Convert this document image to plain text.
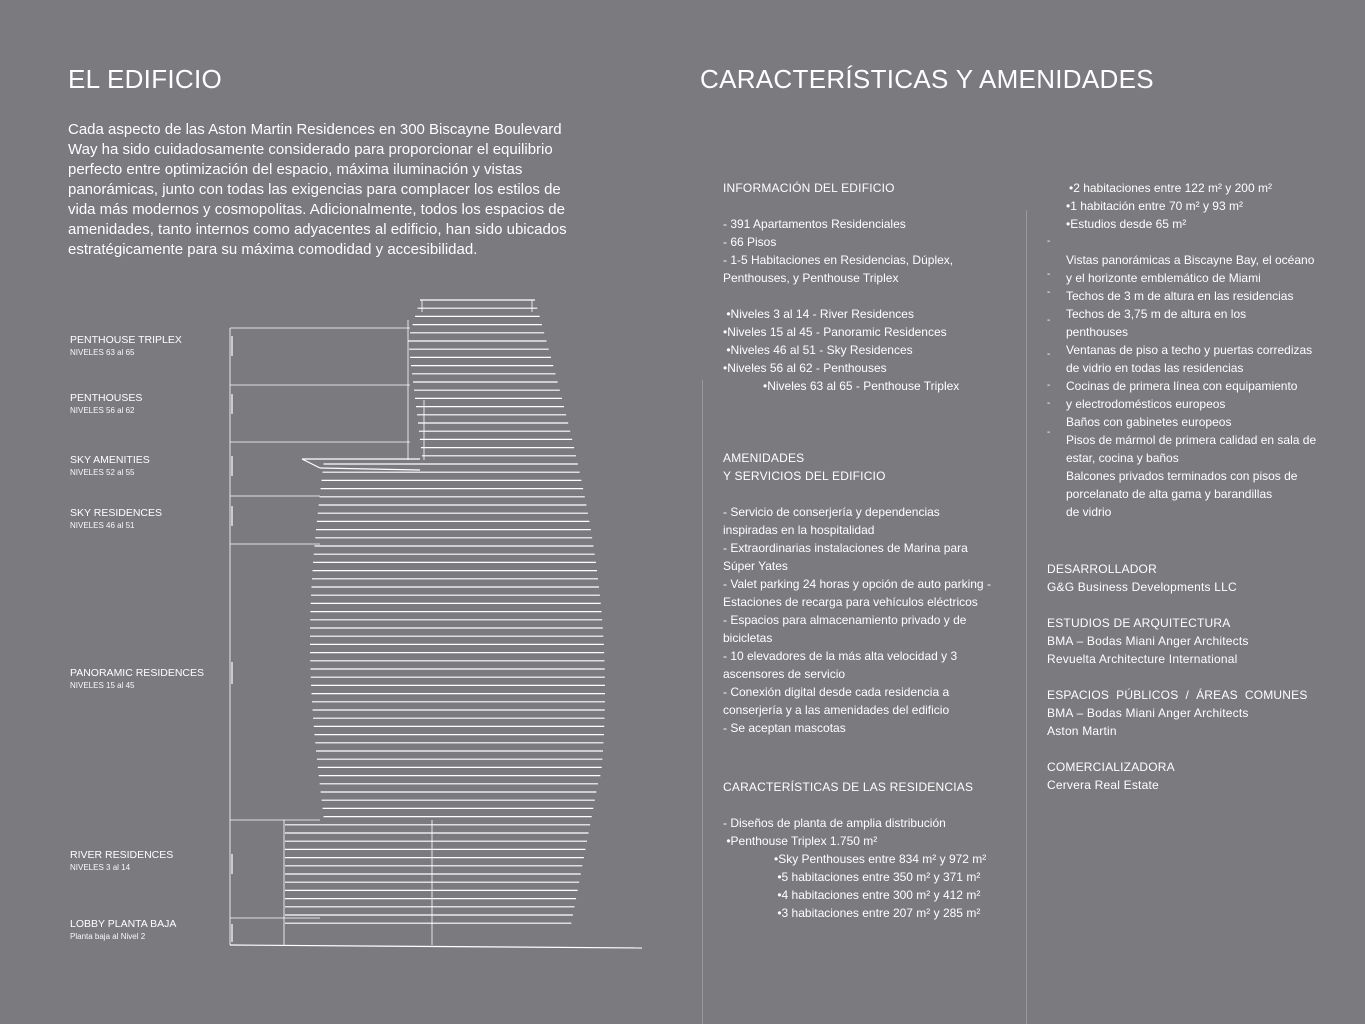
EL EDIFICIO

Cada aspecto de las Aston Martin Residences en 300 Biscayne Boulevard Way ha sido cuidadosamente considerado para proporcionar el equilibrio perfecto entre optimización del espacio, máxima iluminación y vistas panorámicas, junto con todas las exigencias para complacer los estilos de vida más modernos y cosmopolitas. Adicionalmente, todos los espacios de amenidades, tanto internos como adyacentes al edificio, han sido ubicados estratégicamente para su máxima comodidad y accesibilidad.

PENTHOUSE TRIPLEX
NIVELES 63 al 65
PENTHOUSES
NIVELES 56 al 62
SKY AMENITIES
NIVELES 52 al 55
SKY RESIDENCES
NIVELES 46 al 51
PANORAMIC RESIDENCES
NIVELES 15 al 45
RIVER RESIDENCES
NIVELES 3 al 14
LOBBY PLANTA BAJA
Planta baja al Nivel 2
CARACTERÍSTICAS Y AMENIDADES
INFORMACIÓN DEL EDIFICIO
- 391 Apartamentos Residenciales
- 66 Pisos
- 1-5 Habitaciones en Residencias, Dúplex,
Penthouses, y Penthouse Triplex
•Niveles 3 al 14 - River Residences
•Niveles 15 al 45 - Panoramic Residences
•Niveles 46 al 51 - Sky Residences
•Niveles 56 al 62 - Penthouses
•Niveles 63 al 65 - Penthouse Triplex
AMENIDADES
Y SERVICIOS DEL EDIFICIO
- Servicio de conserjería y dependencias
inspiradas en la hospitalidad
- Extraordinarias instalaciones de Marina para
Súper Yates
- Valet parking 24 horas y opción de auto parking -
Estaciones de recarga para vehículos eléctricos
- Espacios para almacenamiento privado y de
bicicletas
- 10 elevadores de la más alta velocidad y 3
ascensores de servicio
- Conexión digital desde cada residencia a
conserjería y a las amenidades del edificio
- Se aceptan mascotas
CARACTERÍSTICAS DE LAS RESIDENCIAS
- Diseños de planta de amplia distribución
•Penthouse Triplex 1.750 m²
•Sky Penthouses entre 834 m² y 972 m²
•5 habitaciones entre 350 m² y 371 m²
•4 habitaciones entre 300 m² y 412 m²
•3 habitaciones entre 207 m² y 285 m²
•2 habitaciones entre 122 m² y 200 m²
•1 habitación entre 70 m² y 93 m²
•Estudios desde 65 m²
-
-
-
-
-
-
-
-
Vistas panorámicas a Biscayne Bay, el océano
y el horizonte emblemático de Miami
Techos de 3 m de altura en las residencias
Techos de 3,75 m de altura en los
penthouses
Ventanas de piso a techo y puertas corredizas
de vidrio en todas las residencias
Cocinas de primera línea con equipamiento
y electrodomésticos europeos
Baños con gabinetes europeos
Pisos de mármol de primera calidad en sala de
estar, cocina y baños
Balcones privados terminados con pisos de
porcelanato de alta gama y barandillas
de vidrio
DESARROLLADOR
G&G Business Developments LLC
ESTUDIOS DE ARQUITECTURA
BMA – Bodas Miani Anger Architects
Revuelta Architecture International
ESPACIOS  PÚBLICOS  /  ÁREAS  COMUNES
BMA – Bodas Miani Anger Architects
Aston Martin
COMERCIALIZADORA
Cervera Real Estate
